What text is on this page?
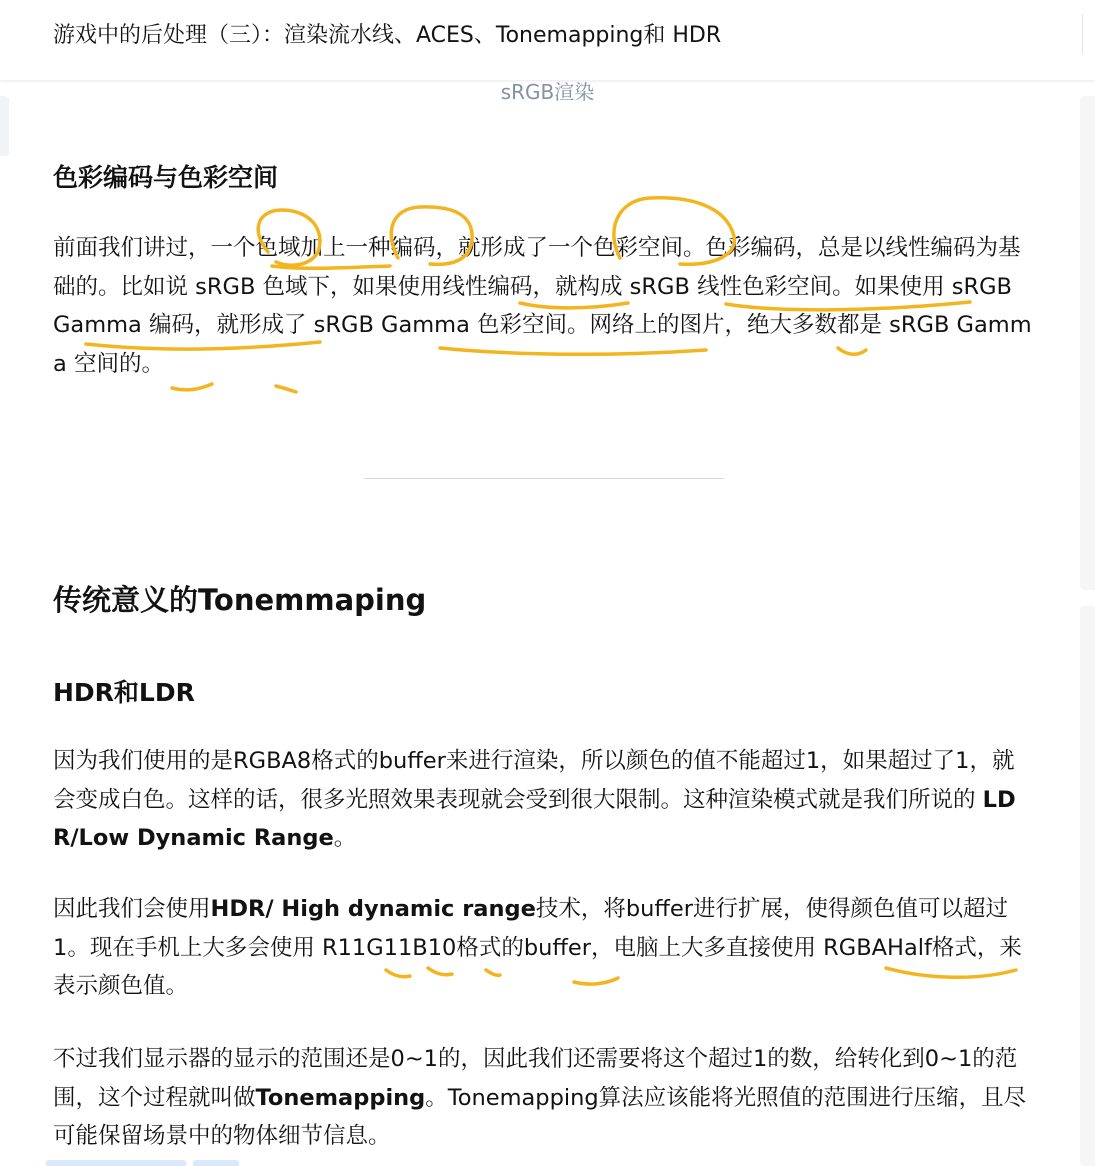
游戏中的后处理（三）：渲染流水线、ACES、Tonemapping和 HDR
sRGB渲染
色彩编码与色彩空间
前面我们讲过，一个色域加上一种编码，就形成了一个色彩空间。色彩编码，总是以线性编码为基础的。比如说 sRGB 色域下，如果使用线性编码，就构成 sRGB 线性色彩空间。如果使用 sRGB Gamma 编码，就形成了 sRGB Gamma 色彩空间。网络上的图片，绝大多数都是 sRGB Gamma 空间的。
传统意义的Tonemmaping
HDR和LDR
因为我们使用的是RGBA8格式的buffer来进行渲染，所以颜色的值不能超过1，如果超过了1，就会变成白色。这样的话，很多光照效果表现就会受到很大限制。这种渲染模式就是我们所说的 LDR/Low Dynamic Range。
因此我们会使用HDR/ High dynamic range技术，将buffer进行扩展，使得颜色值可以超过1。现在手机上大多会使用 R11G11B10格式的buffer，电脑上大多直接使用 RGBAHalf格式，来表示颜色值。
不过我们显示器的显示的范围还是0~1的，因此我们还需要将这个超过1的数，给转化到0~1的范围，这个过程就叫做Tonemapping。Tonemapping算法应该能将光照值的范围进行压缩，且尽可能保留场景中的物体细节信息。
